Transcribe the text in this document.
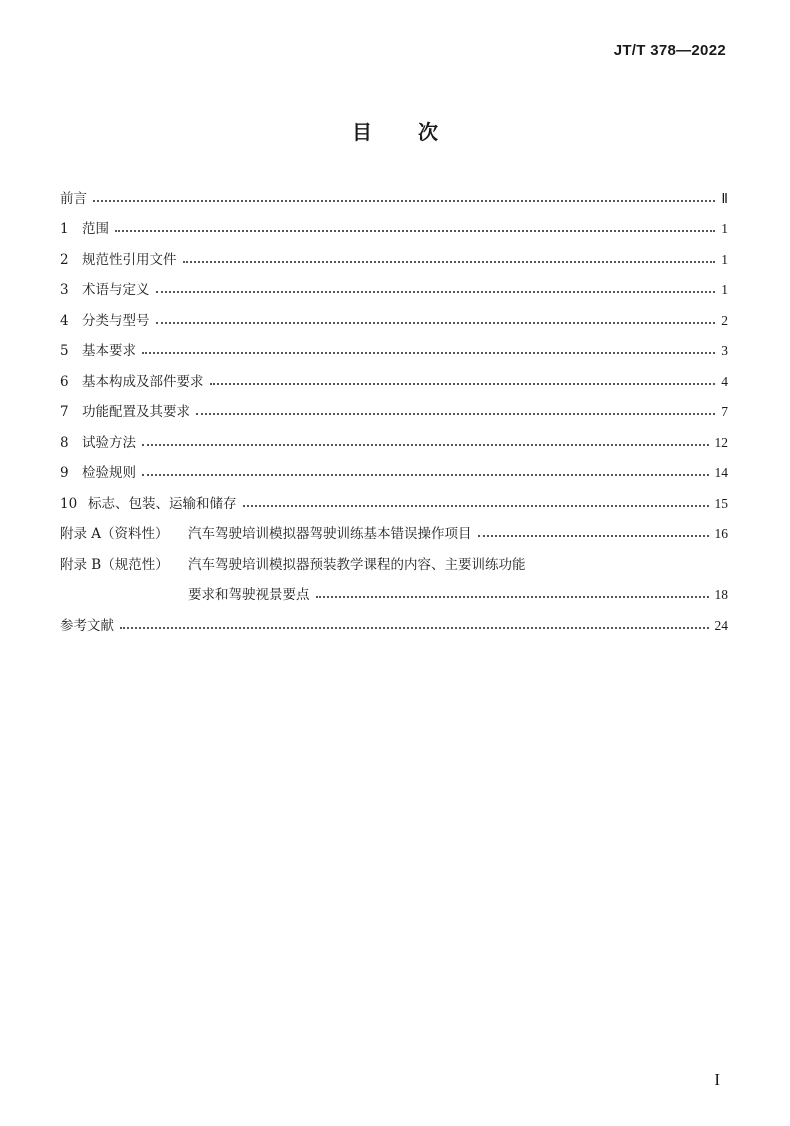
JT/T 378—2022
目 次
前言	Ⅱ
1 范围	1
2 规范性引用文件	1
3 术语与定义	1
4 分类与型号	2
5 基本要求	3
6 基本构成及部件要求	4
7 功能配置及其要求	7
8 试验方法	12
9 检验规则	14
10 标志、包装、运输和储存	15
附录 A（资料性）	汽车驾驶培训模拟器驾驶训练基本错误操作项目	16
附录 B（规范性）	汽车驾驶培训模拟器预装教学课程的内容、主要训练功能
要求和驾驶视景要点	18
参考文献	24
I
